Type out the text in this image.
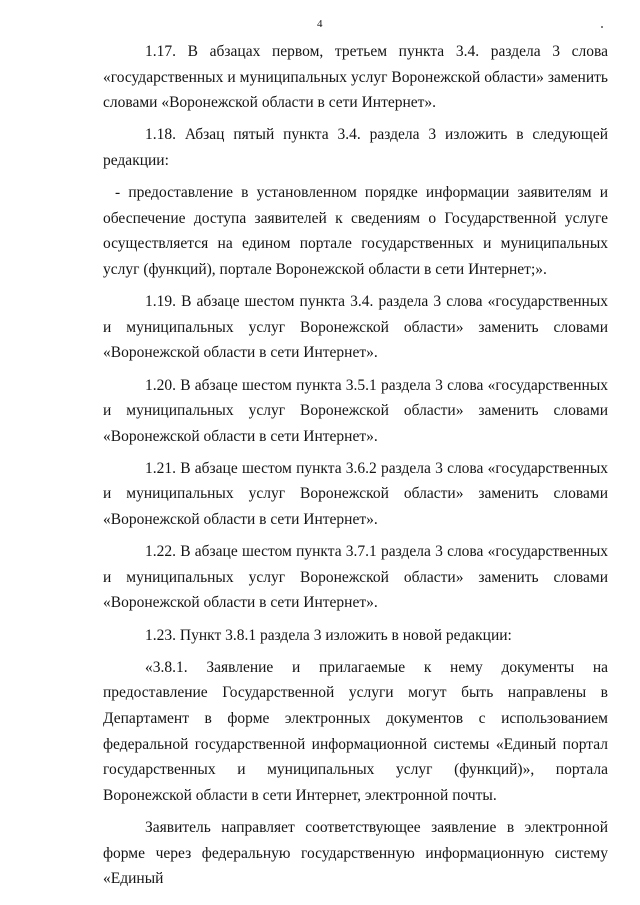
4

1.17. В абзацах первом, третьем пункта 3.4. раздела 3 слова «государственных и муниципальных услуг Воронежской области» заменить словами «Воронежской области в сети Интернет».

1.18. Абзац пятый пункта 3.4. раздела 3 изложить в следующей редакции:

- предоставление в установленном порядке информации заявителям и обеспечение доступа заявителей к сведениям о Государственной услуге осуществляется на едином портале государственных и муниципальных услуг (функций), портале Воронежской области в сети Интернет;».

1.19. В абзаце шестом пункта 3.4. раздела 3 слова «государственных и муниципальных услуг Воронежской области» заменить словами «Воронежской области в сети Интернет».

1.20. В абзаце шестом пункта 3.5.1 раздела 3 слова «государственных и муниципальных услуг Воронежской области» заменить словами «Воронежской области в сети Интернет».

1.21. В абзаце шестом пункта 3.6.2 раздела 3 слова «государственных и муниципальных услуг Воронежской области» заменить словами «Воронежской области в сети Интернет».

1.22. В абзаце шестом пункта 3.7.1 раздела 3 слова «государственных и муниципальных услуг Воронежской области» заменить словами «Воронежской области в сети Интернет».

1.23. Пункт 3.8.1 раздела 3 изложить в новой редакции:

«3.8.1. Заявление и прилагаемые к нему документы на предоставление Государственной услуги могут быть направлены в Департамент в форме электронных документов с использованием федеральной государственной информационной системы «Единый портал государственных и муниципальных услуг (функций)», портала Воронежской области в сети Интернет, электронной почты.

Заявитель направляет соответствующее заявление в электронной форме через федеральную государственную информационную систему «Единый
